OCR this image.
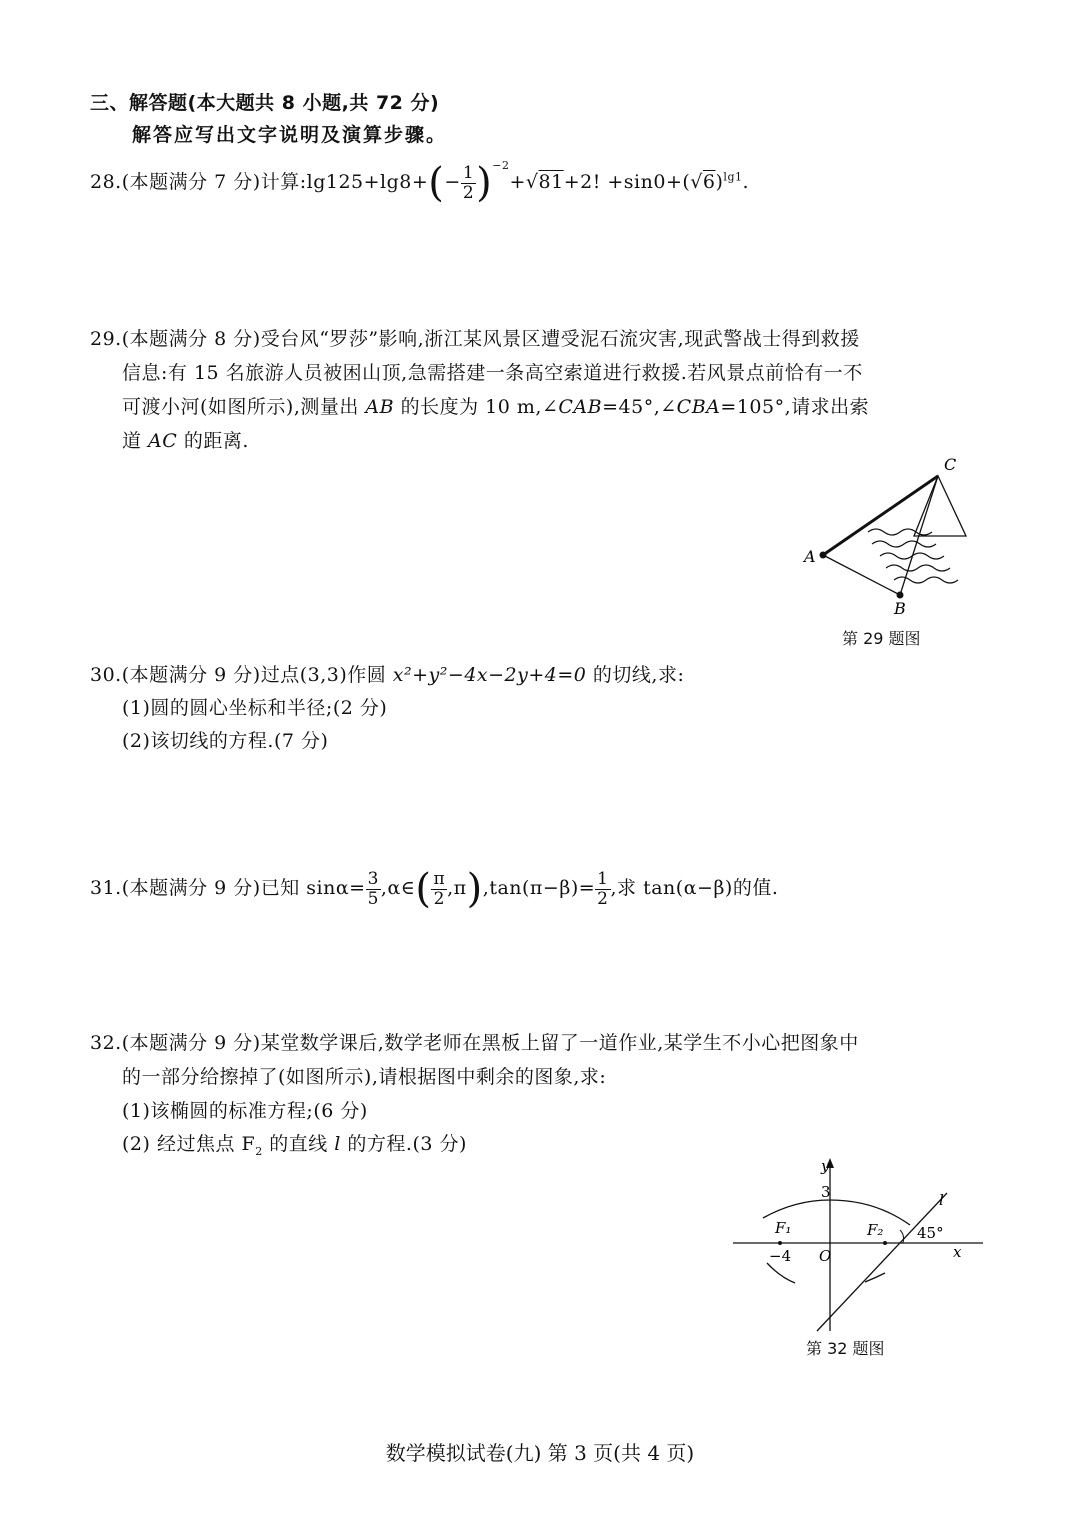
三、解答题(本大题共 8 小题,共 72 分)
解答应写出文字说明及演算步骤。
28.(本题满分 7 分)计算:lg125+lg8+(− $\frac{1}{2} )^{-2}+√81+2$! $+\sin 0+(√6)^{lg1}$.
29.(本题满分 8 分)受台风“罗莎”影响,浙江某风景区遭受泥石流灾害,现武警战士得到救援
信息:有 15 名旅游人员被困山顶,急需搭建一条高空索道进行救援.若风景点前恰有一不
可渡小河(如图所示),测量出 AB 的长度为 10 m,∠CAB=45°,∠CBA=105°,请求出索
道 AC 的距离.
A
B
C
第 29 题图
30.(本题满分 9 分)过点(3,3)作圆 x²+y²−4x−2y+4=0 的切线,求:
(1)圆的圆心坐标和半径;(2 分)
(2)该切线的方程.(7 分)
31.(本题满分 9 分)已知 $\sin\alpha= \frac{3}{5}$ ,α∈( $\frac{\pi}{2} ,\pi),\tan(\pi-\beta)= \frac{1}{2}$ ,求 tan(α−β)的值.
32.(本题满分 9 分)某堂数学课后,数学老师在黑板上留了一道作业,某学生不小心把图象中
的一部分给擦掉了(如图所示),请根据图中剩余的图象,求:
(1)该椭圆的标准方程;(6 分)
(2) 经过焦点 $F_2$ 的直线 l 的方程.(3 分)
y
3
−4 O	x
F₁	F₂
l
45°
第 32 题图
数学模拟试卷(九) 第 3 页(共 4 页)
